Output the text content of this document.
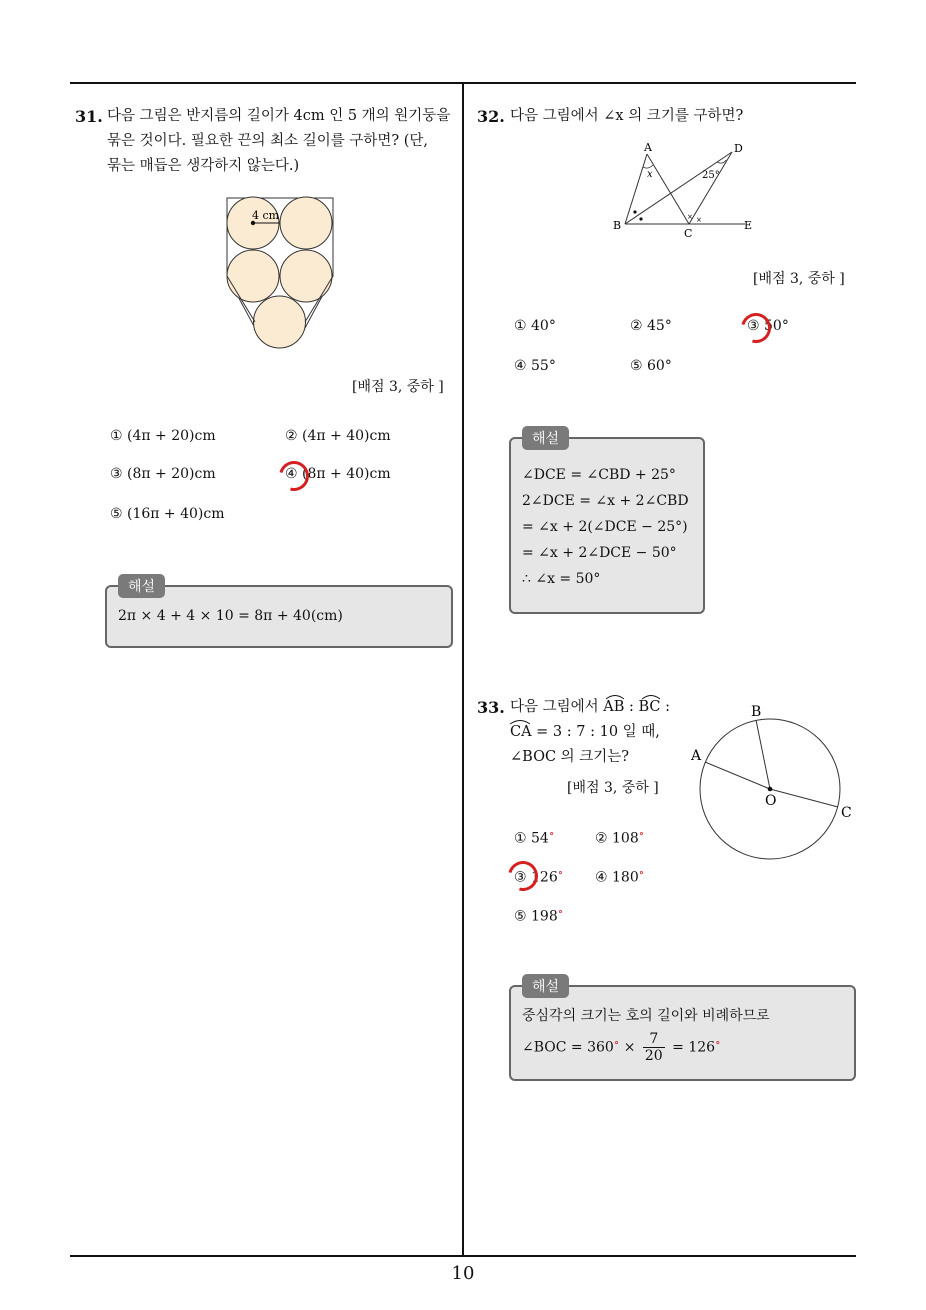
10
31. 다음 그림은 반지름의 길이가 4cm 인 5 개의 원기둥을
묶은 것이다. 필요한 끈의 최소 길이를 구하면? (단,
묶는 매듭은 생각하지 않는다.)
4 cm
[배점 3, 중하 ]
① (4π + 20)cm	② (4π + 40)cm
③ (8π + 20)cm	④ (8π + 40)cm
⑤ (16π + 40)cm
해설
2π × 4 + 4 × 10 = 8π + 40(cm)
32. 다음 그림에서 ∠x 의 크기를 구하면?
× ×
A	D
B
C
E
x	25°
[배점 3, 중하 ]
① 40°	② 45°	③ 50°
④ 55°	⑤ 60°
해설
∠DCE = ∠CBD + 25°
2∠DCE = ∠x + 2∠CBD
= ∠x + 2(∠DCE − 25°)
= ∠x + 2∠DCE − 50°
∴ ∠x = 50°
33. 다음 그림에서 AB : BC :
CA = 3 : 7 : 10 일 때,
∠BOC 의 크기는?
[배점 3, 중하 ]
B
A
C
O
① 54∘	② 108∘
③ 126∘ ④ 180∘
⑤ 198∘
해설
중심각의 크기는 호의 길이와 비례하므로
∠BOC = $360^\circ \times \frac{7}{20} = 126^\circ$
